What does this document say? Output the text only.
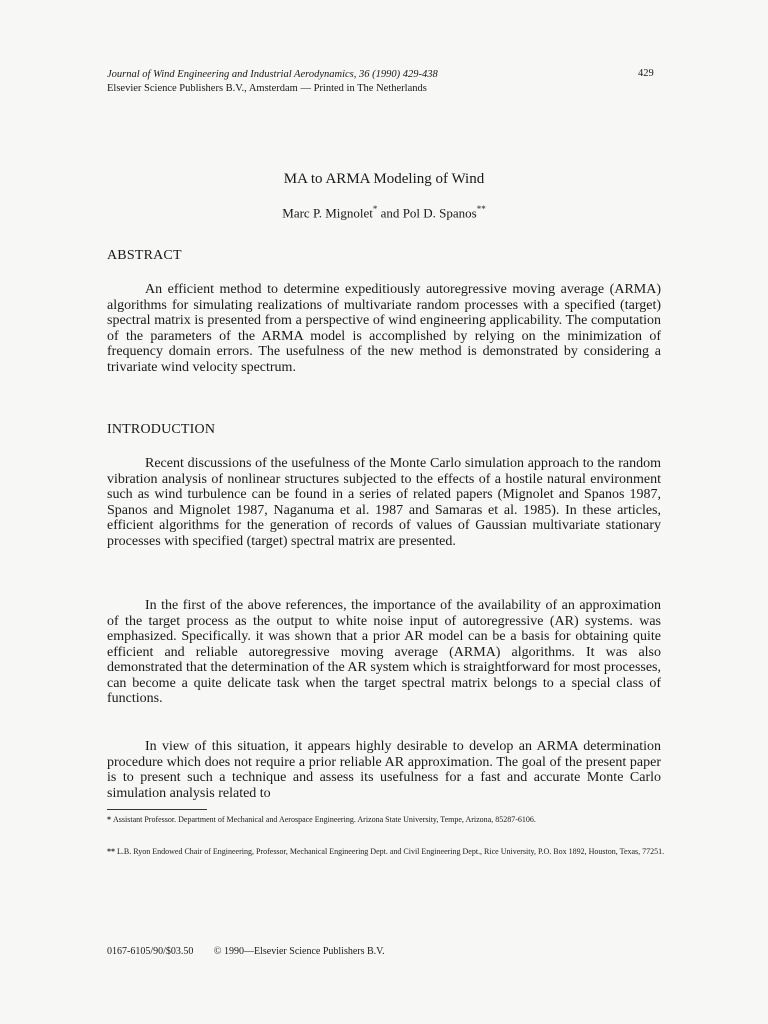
Journal of Wind Engineering and Industrial Aerodynamics, 36 (1990) 429-438
Elsevier Science Publishers B.V., Amsterdam — Printed in The Netherlands
429
MA to ARMA Modeling of Wind
Marc P. Mignolet* and Pol D. Spanos**
ABSTRACT

An efficient method to determine expeditiously autoregressive moving average (ARMA) algorithms for simulating realizations of multivariate random processes with a specified (target) spectral matrix is presented from a perspective of wind engineering applicability. The computation of the parameters of the ARMA model is accomplished by relying on the minimization of frequency domain errors. The usefulness of the new method is demonstrated by considering a trivariate wind velocity spectrum.

INTRODUCTION

Recent discussions of the usefulness of the Monte Carlo simulation approach to the random vibration analysis of nonlinear structures subjected to the effects of a hostile natural environment such as wind turbulence can be found in a series of related papers (Mignolet and Spanos 1987, Spanos and Mignolet 1987, Naganuma et al. 1987 and Samaras et al. 1985). In these articles, efficient algorithms for the generation of records of values of Gaussian multivariate stationary processes with specified (target) spectral matrix are presented.

In the first of the above references, the importance of the availability of an approximation of the target process as the output to white noise input of autoregressive (AR) systems. was emphasized. Specifically. it was shown that a prior AR model can be a basis for obtaining quite efficient and reliable autoregressive moving average (ARMA) algorithms. It was also demonstrated that the determination of the AR system which is straightforward for most processes, can become a quite delicate task when the target spectral matrix belongs to a special class of functions.

In view of this situation, it appears highly desirable to develop an ARMA determination procedure which does not require a prior reliable AR approximation. The goal of the present paper is to present such a technique and assess its usefulness for a fast and accurate Monte Carlo simulation analysis related to

* Assistant Professor. Department of Mechanical and Aerospace Engineering. Arizona State University, Tempe, Arizona, 85287-6106.

** L.B. Ryon Endowed Chair of Engineering, Professor, Mechanical Engineering Dept. and Civil Engineering Dept., Rice University, P.O. Box 1892, Houston, Texas, 77251.

0167-6105/90/$03.50 © 1990—Elsevier Science Publishers B.V.
